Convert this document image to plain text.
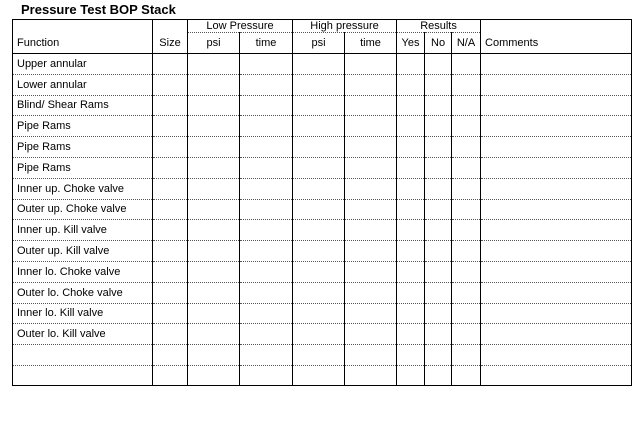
Pressure Test BOP Stack
		Low Pressure		High pressure		Results			
Function	Size	psi	time	psi	time	Yes	No	N/A	Comments
Upper annular									
Lower annular									
Blind/ Shear Rams									
Pipe Rams									
Pipe Rams									
Pipe Rams									
Inner up. Choke valve									
Outer up. Choke valve									
Inner up. Kill valve									
Outer up. Kill valve									
Inner lo. Choke valve									
Outer lo. Choke valve									
Inner lo. Kill valve									
Outer lo. Kill valve									
